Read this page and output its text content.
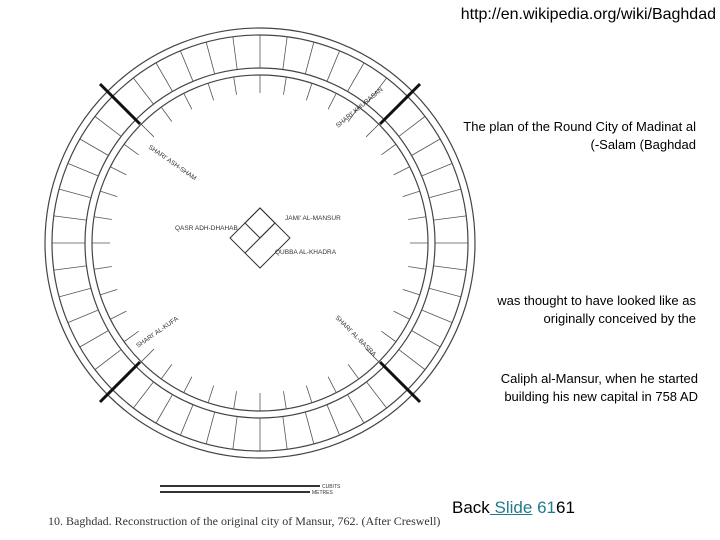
http://en.wikipedia.org/wiki/Baghdad
QASR ADH-DHAHAB
JAMI' AL-MANSUR
QUBBA AL-KHADRA
SHARI' ASH-SHAM
SHARI' KHURASAN
SHARI' AL-KUFA	SHARI' AL-BASRA
CUBITS
METRES
The plan of the Round City of Madinat al
(-Salam (Baghdad
was thought to have looked like as
originally conceived by the
Caliph al-Mansur, when he started
building his new capital in 758 AD
10. Baghdad. Reconstruction of the original city of Mansur, 762. (After Creswell)
Back Slide 6161
